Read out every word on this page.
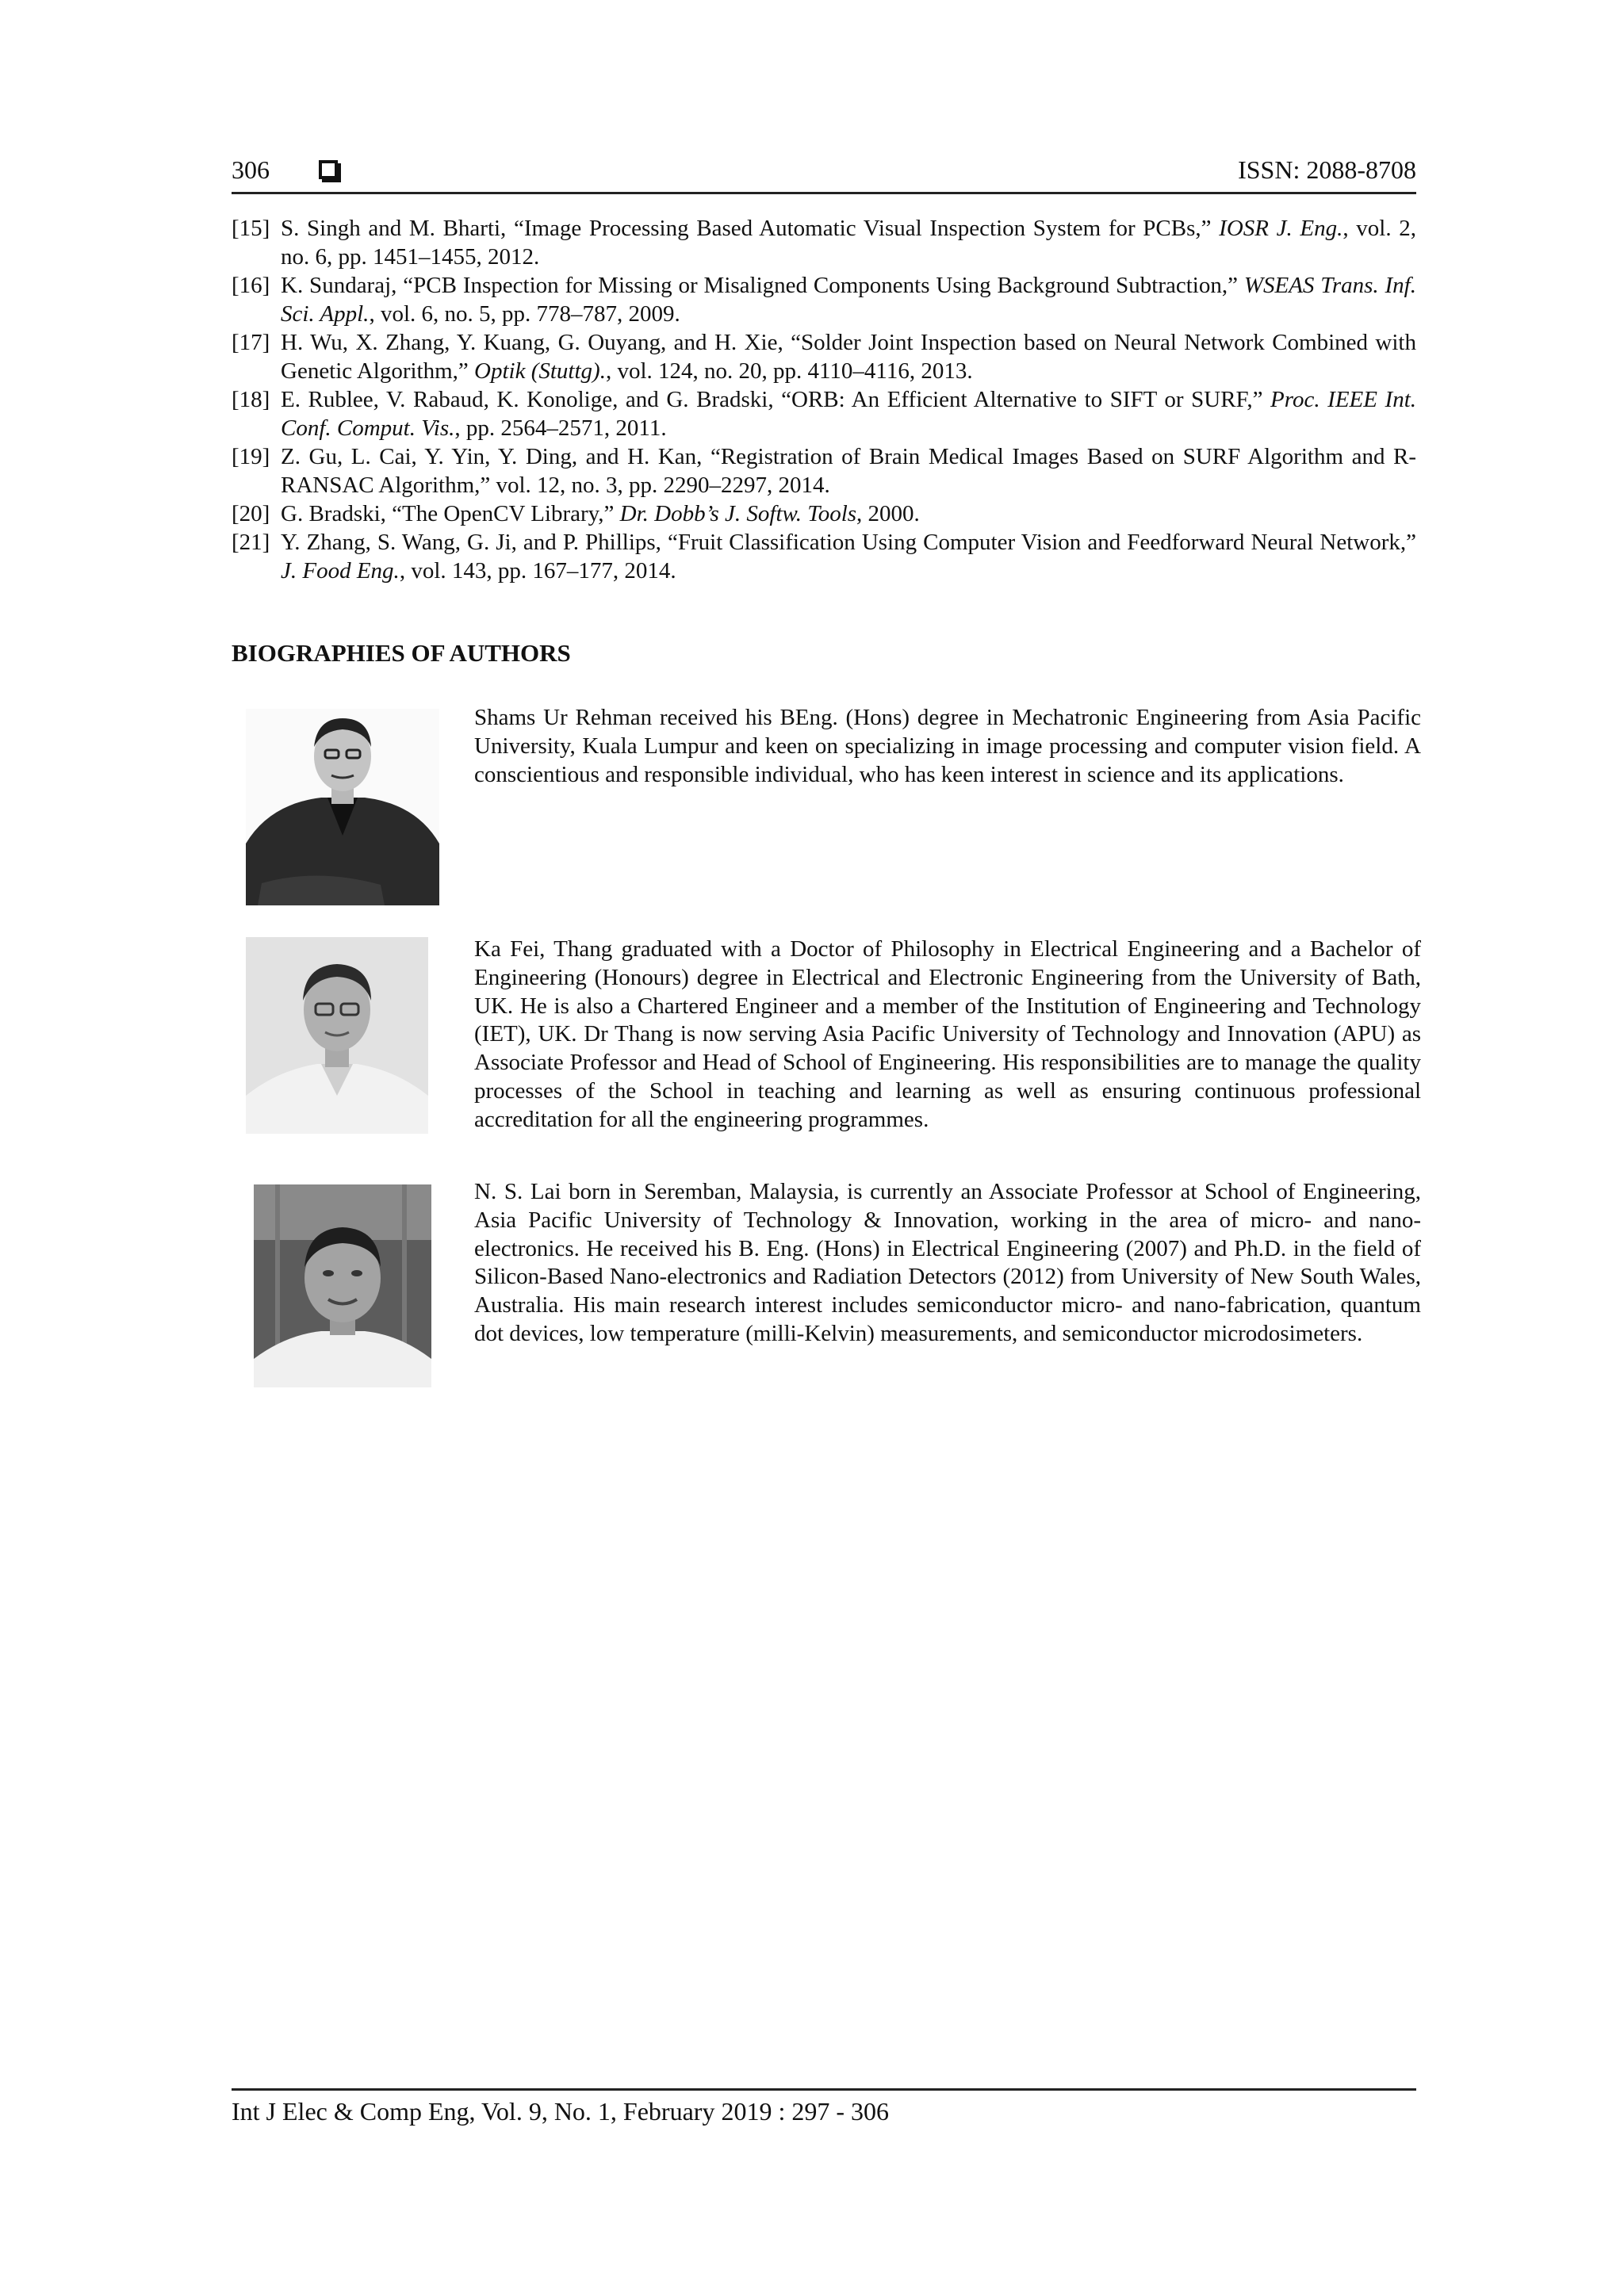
306	ISSN: 2088-8708
[15] S. Singh and M. Bharti, “Image Processing Based Automatic Visual Inspection System for PCBs,” IOSR J. Eng., vol. 2, no. 6, pp. 1451–1455, 2012.
[16] K. Sundaraj, “PCB Inspection for Missing or Misaligned Components Using Background Subtraction,” WSEAS Trans. Inf. Sci. Appl., vol. 6, no. 5, pp. 778–787, 2009.
[17] H. Wu, X. Zhang, Y. Kuang, G. Ouyang, and H. Xie, “Solder Joint Inspection based on Neural Network Combined with Genetic Algorithm,” Optik (Stuttg)., vol. 124, no. 20, pp. 4110–4116, 2013.
[18] E. Rublee, V. Rabaud, K. Konolige, and G. Bradski, “ORB: An Efficient Alternative to SIFT or SURF,” Proc. IEEE Int. Conf. Comput. Vis., pp. 2564–2571, 2011.
[19] Z. Gu, L. Cai, Y. Yin, Y. Ding, and H. Kan, “Registration of Brain Medical Images Based on SURF Algorithm and R-RANSAC Algorithm,” vol. 12, no. 3, pp. 2290–2297, 2014.
[20] G. Bradski, “The OpenCV Library,” Dr. Dobb’s J. Softw. Tools, 2000.
[21] Y. Zhang, S. Wang, G. Ji, and P. Phillips, “Fruit Classification Using Computer Vision and Feedforward Neural Network,” J. Food Eng., vol. 143, pp. 167–177, 2014.
BIOGRAPHIES OF AUTHORS
Shams Ur Rehman received his BEng. (Hons) degree in Mechatronic Engineering from Asia Pacific University, Kuala Lumpur and keen on specializing in image processing and computer vision field. A conscientious and responsible individual, who has keen interest in science and its applications.
Ka Fei, Thang graduated with a Doctor of Philosophy in Electrical Engineering and a Bachelor of Engineering (Honours) degree in Electrical and Electronic Engineering from the University of Bath, UK. He is also a Chartered Engineer and a member of the Institution of Engineering and Technology (IET), UK. Dr Thang is now serving Asia Pacific University of Technology and Innovation (APU) as Associate Professor and Head of School of Engineering. His responsibilities are to manage the quality processes of the School in teaching and learning as well as ensuring continuous professional accreditation for all the engineering programmes.
N. S. Lai born in Seremban, Malaysia, is currently an Associate Professor at School of Engineering, Asia Pacific University of Technology & Innovation, working in the area of micro- and nano-electronics. He received his B. Eng. (Hons) in Electrical Engineering (2007) and Ph.D. in the field of Silicon-Based Nano-electronics and Radiation Detectors (2012) from University of New South Wales, Australia. His main research interest includes semiconductor micro- and nano-fabrication, quantum dot devices, low temperature (milli-Kelvin) measurements, and semiconductor microdosimeters.
Int J Elec & Comp Eng, Vol. 9, No. 1, February 2019 : 297 - 306
